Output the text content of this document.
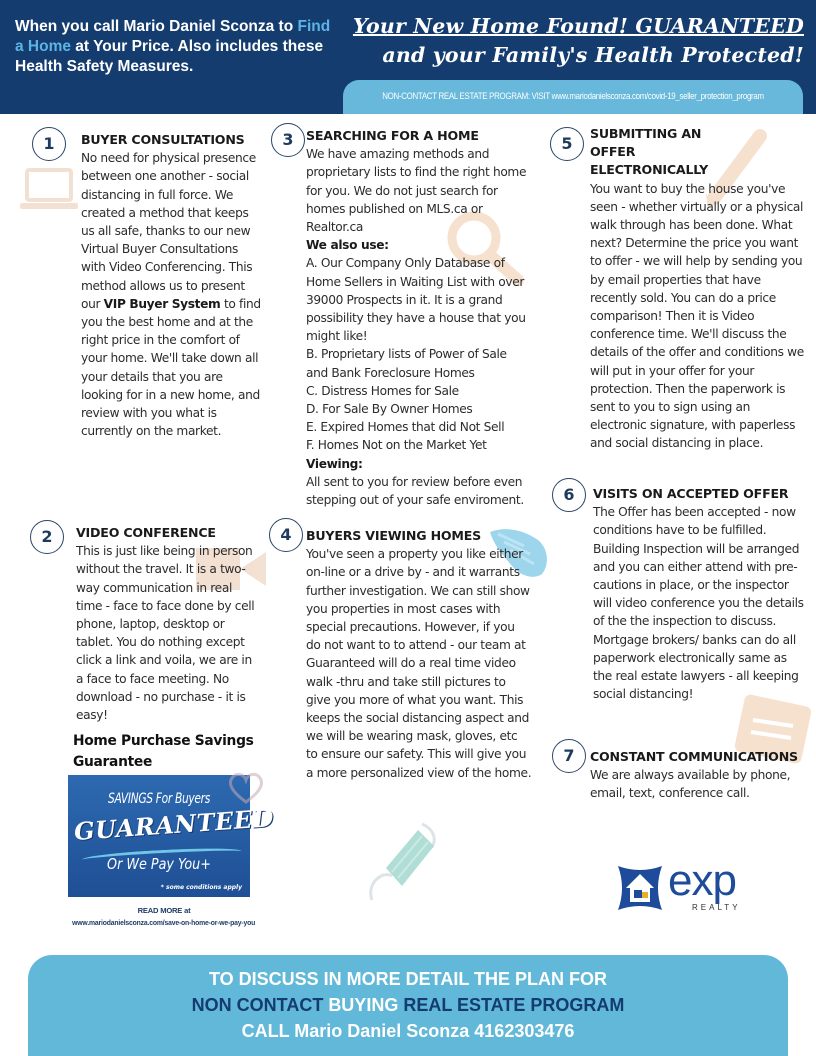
When you call Mario Daniel Sconza to Find a Home at Your Price. Also includes these Health Safety Measures.
Your New Home Found! GUARANTEED
and your Family's Health Protected!
NON-CONTACT REAL ESTATE PROGRAM: VISIT www.mariodanielsconza.com/covid-19_seller_protection_program
1	BUYER CONSULTATIONS

No need for physical presence between one another - social distancing in full force. We created a method that keeps us all safe, thanks to our new Virtual Buyer Consultations with Video Conferencing. This method allows us to present our VIP Buyer System to find you the best home and at the right price in the comfort of your home. We'll take down all your details that you are looking for in a new home, and review with you what is currently on the market.

2	VIDEO CONFERENCE

This is just like being in person without the travel. It is a two-way communication in real time - face to face done by cell phone, laptop, desktop or tablet. You do nothing except click a link and voila, we are in a face to face meeting. No download - no purchase - it is easy!

Home Purchase Savings Guarantee
SAVINGS For Buyers
GUARANTEED
Or We Pay You+
* some conditions apply
READ MORE at
www.mariodanielsconza.com/save-on-home-or-we-pay-you
3 SEARCHING FOR A HOME

We have amazing methods and proprietary lists to find the right home for you. We do not just search for homes published on MLS.ca or Realtor.ca

We also use:

A. Our Company Only Database of Home Sellers in Waiting List with over 39000 Prospects in it. It is a grand possibility they have a house that you might like!

B. Proprietary lists of Power of Sale and Bank Foreclosure Homes

C. Distress Homes for Sale

D. For Sale By Owner Homes

E. Expired Homes that did Not Sell

F. Homes Not on the Market Yet

Viewing:

All sent to you for review before even stepping out of your safe enviroment.

4	BUYERS VIEWING HOMES

You've seen a property you like either on-line or a drive by - and it warrants further investigation. We can still show you properties in most cases with special precautions. However, if you do not want to to attend - our team at Guaranteed will do a real time video walk -thru and take still pictures to give you more of what you want. This keeps the social distancing aspect and we will be wearing mask, gloves, etc to ensure our safety. This will give you a more personalized view of the home.

5
SUBMITTING AN OFFER ELECTRONICALLY

You want to buy the house you've seen - whether virtually or a physical walk through has been done. What next? Determine the price you want to offer - we will help by sending you by email properties that have recently sold. You can do a price comparison! Then it is Video conference time. We'll discuss the details of the offer and conditions we will put in your offer for your protection. Then the paperwork is sent to you to sign using an electronic signature, with paperless and social distancing in place.

6	VISITS ON ACCEPTED OFFER

The Offer has been accepted - now conditions have to be fulfilled. Building Inspection will be arranged and you can either attend with pre-cautions in place, or the inspector will video conference you the details of the the inspection to discuss. Mortgage brokers/ banks can do all paperwork electronically same as the real estate lawyers - all keeping social distancing!

7	CONSTANT COMMUNICATIONS

We are always available by phone, email, text, conference call.

exp
REALTY
TO DISCUSS IN MORE DETAIL THE PLAN FOR
NON CONTACT BUYING REAL ESTATE PROGRAM
CALL Mario Daniel Sconza 4162303476
